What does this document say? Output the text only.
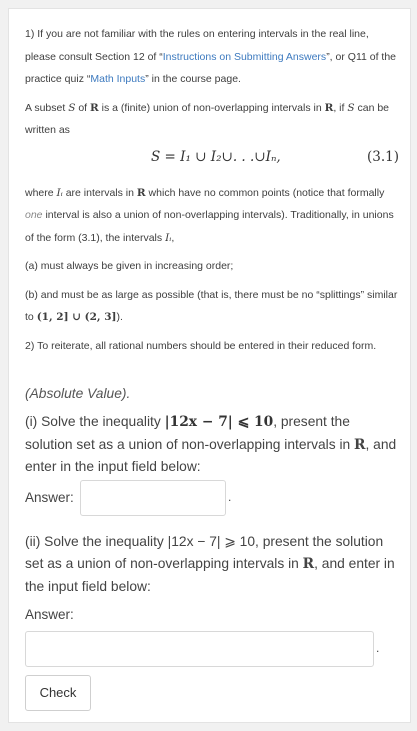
1) If you are not familiar with the rules on entering intervals in the real line, please consult Section 12 of “Instructions on Submitting Answers”, or Q11 of the practice quiz “Math Inputs” in the course page.

A subset S of R is a (finite) union of non-overlapping intervals in R, if S can be written as

S = I₁ ∪ I₂∪. . .∪Iₙ,	(3.1)

where Iᵢ are intervals in R which have no common points (notice that formally one interval is also a union of non-overlapping intervals). Traditionally, in unions of the form (3.1), the intervals Iᵢ,

(a) must always be given in increasing order;

(b) and must be as large as possible (that is, there must be no “splittings” similar to (1, 2] ∪ (2, 3]).

2) To reiterate, all rational numbers should be entered in their reduced form.

(Absolute Value).
(i) Solve the inequality |12x − 7| ⩽ 10, present the solution set as a union of non-overlapping intervals in R, and enter in the input field below:
Answer:	.
(ii) Solve the inequality |12x − 7| ⩾ 10, present the solution set as a union of non-overlapping intervals in R, and enter in the input field below:
Answer:
.
Check
